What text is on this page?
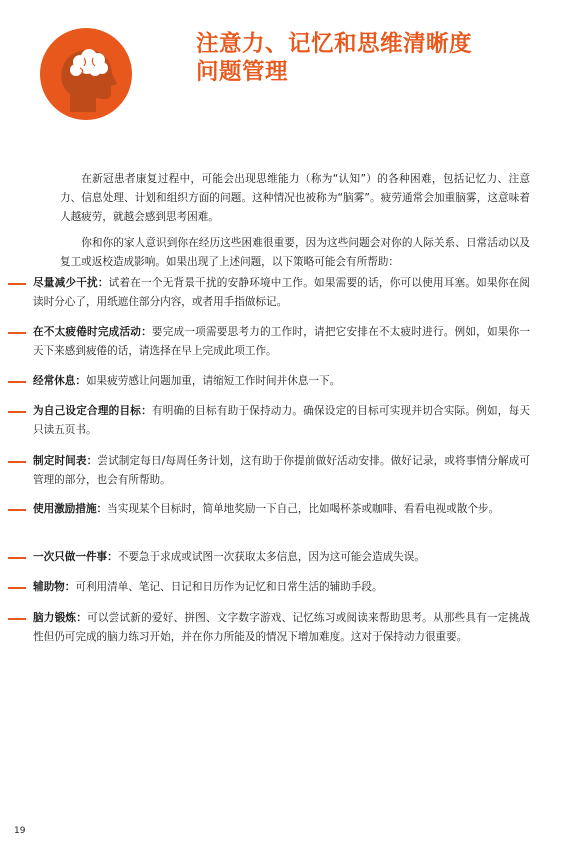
注意力、记忆和思维清晰度
问题管理

在新冠患者康复过程中，可能会出现思维能力（称为“认知”）的各种困难，包括记忆力、注意力、信息处理、计划和组织方面的问题。这种情况也被称为“脑雾”。疲劳通常会加重脑雾，这意味着人越疲劳，就越会感到思考困难。

你和你的家人意识到你在经历这些困难很重要，因为这些问题会对你的人际关系、日常活动以及复工或返校造成影响。如果出现了上述问题，以下策略可能会有所帮助：

尽量减少干扰：试着在一个无背景干扰的安静环境中工作。如果需要的话，你可以使用耳塞。如果你在阅读时分心了，用纸遮住部分内容，或者用手指做标记。
在不太疲倦时完成活动：要完成一项需要思考力的工作时，请把它安排在不太疲时进行。例如，如果你一天下来感到疲倦的话，请选择在早上完成此项工作。
经常休息：如果疲劳感让问题加重，请缩短工作时间并休息一下。
为自己设定合理的目标：有明确的目标有助于保持动力。确保设定的目标可实现并切合实际。例如，每天只读五页书。
制定时间表：尝试制定每日/每周任务计划，这有助于你提前做好活动安排。做好记录，或将事情分解成可管理的部分，也会有所帮助。
使用激励措施：当实现某个目标时，简单地奖励一下自己，比如喝杯茶或咖啡、看看电视或散个步。
一次只做一件事：不要急于求成或试图一次获取太多信息，因为这可能会造成失误。
辅助物：可利用清单、笔记、日记和日历作为记忆和日常生活的辅助手段。
脑力锻炼：可以尝试新的爱好、拼图、文字数字游戏、记忆练习或阅读来帮助思考。从那些具有一定挑战性但仍可完成的脑力练习开始，并在你力所能及的情况下增加难度。这对于保持动力很重要。
19
